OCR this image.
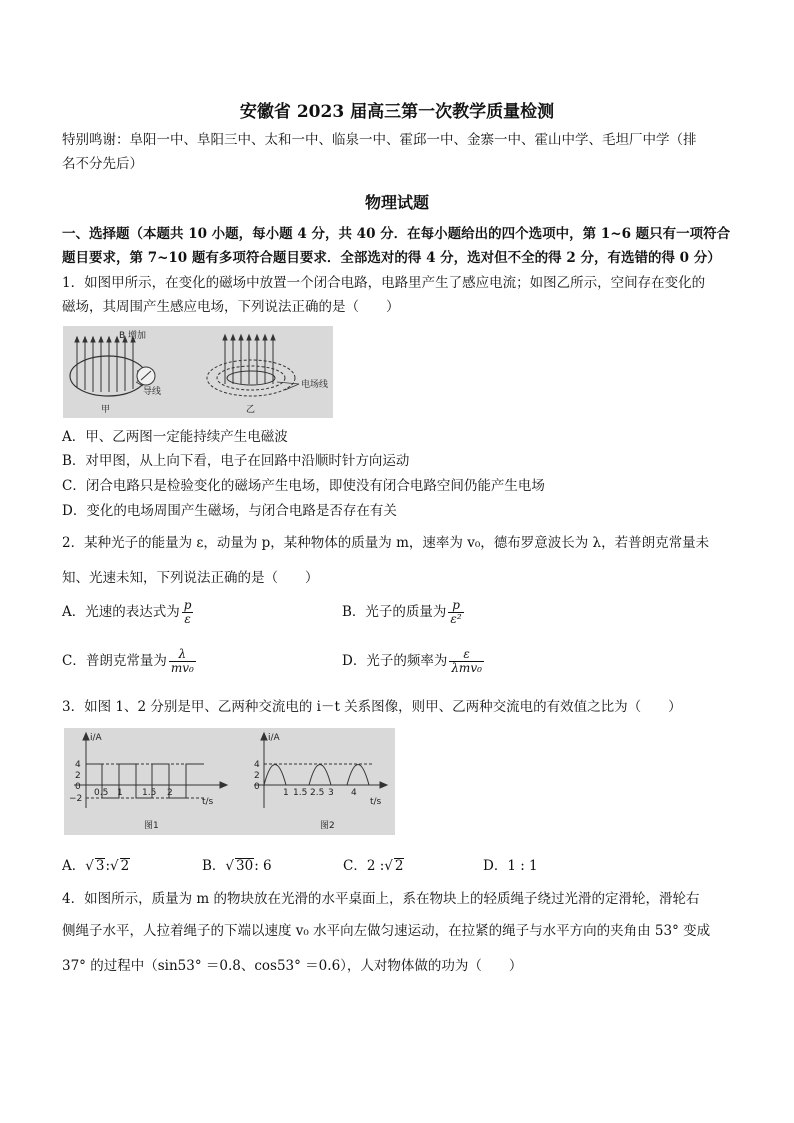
安徽省 2023 届高三第一次教学质量检测
特别鸣谢：阜阳一中、阜阳三中、太和一中、临泉一中、霍邱一中、金寨一中、霍山中学、毛坦厂中学（排
名不分先后）
物理试题
一、选择题（本题共 10 小题，每小题 4 分，共 40 分．在每小题给出的四个选项中，第 1~6 题只有一项符合
题目要求，第 7~10 题有多项符合题目要求．全部选对的得 4 分，选对但不全的得 2 分，有选错的得 0 分）
1．如图甲所示，在变化的磁场中放置一个闭合电路，电路里产生了感应电流；如图乙所示，空间存在变化的
磁场，其周围产生感应电场，下列说法正确的是（　　）
B 增加
导线
甲
电场线
乙
A．甲、乙两图一定能持续产生电磁波
B．对甲图，从上向下看，电子在回路中沿顺时针方向运动
C．闭合电路只是检验变化的磁场产生电场，即使没有闭合电路空间仍能产生电场
D．变化的电场周围产生磁场，与闭合电路是否存在有关
2．某种光子的能量为 ε，动量为 p，某种物体的质量为 m，速率为 v₀，德布罗意波长为 λ，若普朗克常量未
知、光速未知，下列说法正确的是（　　）
A．光速的表达式为 $\frac{p}{\varepsilon}$	B．光子的质量为 $\frac{p}{\text{ε²}}$
C．普朗克常量为 $\frac{\lambda}{\text{mv₀}}$	D．光子的频率为 $\frac{\varepsilon}{\text{λmv₀}}$
3．如图 1、2 分别是甲、乙两种交流电的 i－t 关系图像，则甲、乙两种交流电的有效值之比为（　　）
i/A
4
2
0
−2
0.5 1 1.5 2
t/s
图1
i/A
4
2
0
1 1.5 2.5 3 4
t/s
图2
A．√ 3:√ 2	B．√ 30: 6	C．2 :√ 2	D．1 : 1
4．如图所示，质量为 m 的物块放在光滑的水平桌面上，系在物块上的轻质绳子绕过光滑的定滑轮，滑轮右
侧绳子水平，人拉着绳子的下端以速度 v₀ 水平向左做匀速运动，在拉紧的绳子与水平方向的夹角由 53° 变成
37° 的过程中（sin53° ＝0.8、cos53° ＝0.6），人对物体做的功为（　　）
